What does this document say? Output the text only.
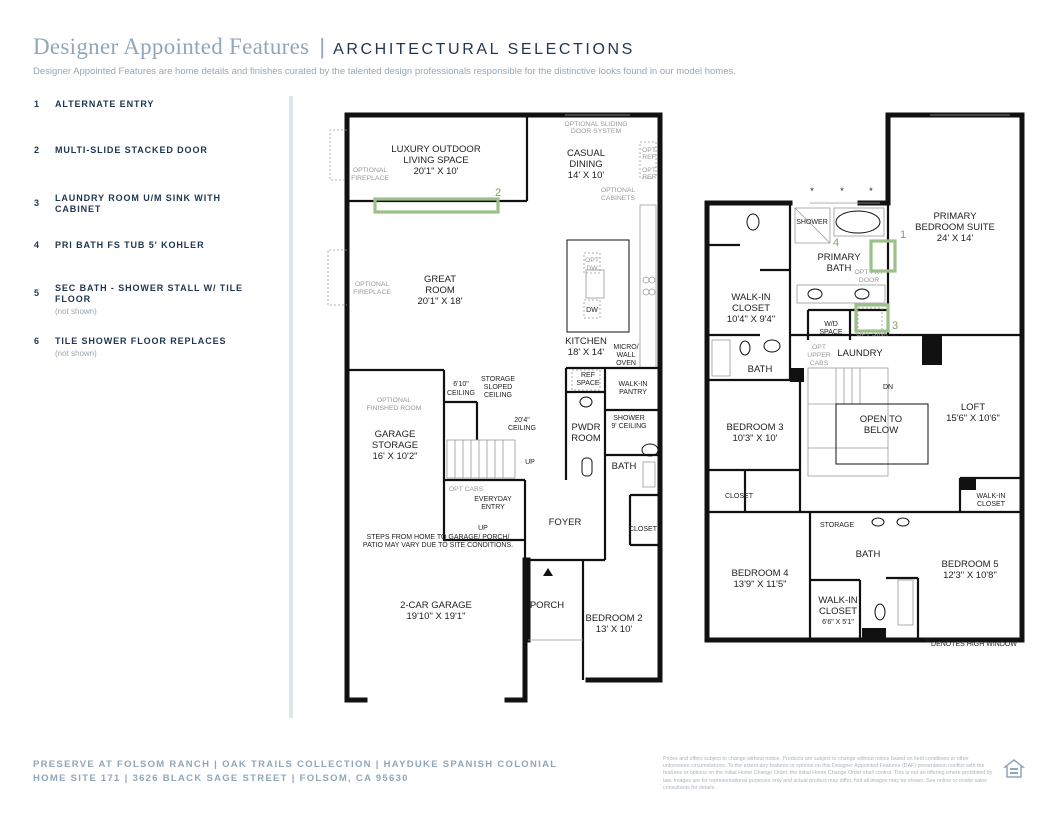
Designer Appointed Features | ARCHITECTURAL SELECTIONS
Designer Appointed Features are home details and finishes curated by the talented design professionals responsible for the distinctive looks found in our model homes.
1 ALTERNATE ENTRY
2 MULTI-SLIDE STACKED DOOR
3 LAUNDRY ROOM U/M SINK WITH CABINET
4 PRI BATH FS TUB 5' KOHLER
5 SEC BATH - SHOWER STALL W/ TILE FLOOR
(not shown)
6 TILE SHOWER FLOOR REPLACES
(not shown)
LUXURY OUTDOOR
LIVING SPACE
20'1" X 10'
OPTIONAL
FIREPLACE
OPTIONAL SLIDING
DOOR SYSTEM
CASUAL
DINING
14' X 10'
OPT
REF
OPT
REF
OPTIONAL
CABINETS
GREAT
ROOM
20'1" X 18'
OPTIONAL
FIREPLACE
OPT
DW
DW
KITCHEN
18' X 14' MICRO/
WALL
OVEN
OPTIONAL
FINISHED ROOM
GARAGE
STORAGE
16' X 10'2"
6'10"
CEILING
STORAGE
SLOPED
CEILING
20'4"
CEILING
REF
SPACE	WALK-IN
PANTRY
PWDR
ROOM
SHOWER
9' CEILING
BATH
UP
OPT CABS
EVERYDAY
ENTRY
UP
FOYER
CLOSET
STEPS FROM HOME TO GARAGE/ PORCH/
PATIO MAY VARY DUE TO SITE CONDITIONS.
2-CAR GARAGE
19'10" X 19'1"
PORCH
BEDROOM 2
13' X 10'
2
PRIMARY
BEDROOM SUITE
24' X 14'
*	*	*
SHOWER
PRIMARY
BATH OPT PKT
DOOR
WALK-IN
CLOSET
10'4" X 9'4"	W/D
SPACE OPT SINK
OPT
UPPER
CABS
LAUNDRY
BATH
DN
LOFT
15'6" X 10'6"
OPEN TO
BELOW
BEDROOM 3
10'3" X 10'
CLOSET	WALK-IN
CLOSET
STORAGE
BATH
BEDROOM 4
13'9" X 11'5"
BEDROOM 5
12'3" X 10'8"
WALK-IN
CLOSET
6'6" X 5'1"
* DENOTES HIGH WINDOW
1
3
4
PRESERVE AT FOLSOM RANCH | OAK TRAILS COLLECTION | HAYDUKE SPANISH COLONIAL
HOME SITE 171 | 3626 BLACK SAGE STREET | FOLSOM, CA 95630
Prices and offers subject to change without notice. Products are subject to change without notice based on field conditions or other unforeseen circumstances. To the extent any features or options on this Designer Appointed Features (DAF) presentation conflict with the features or options on the initial Home Change Order, the initial Home Change Order shall control. This is not an offering where prohibited by law. Images are for representational purposes only and actual product may differ. Not all images may be shown. See online or onsite sales consultants for details.
